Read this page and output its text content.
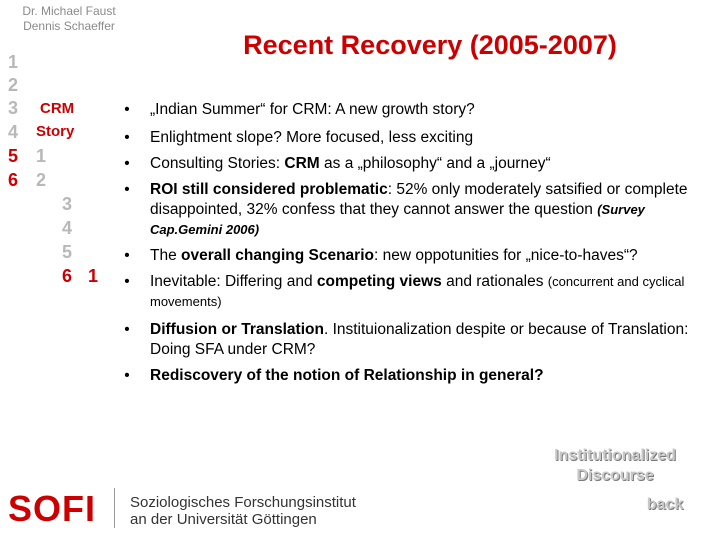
Dr. Michael Faust
Dennis Schaeffer
Recent Recovery (2005-2007)
1
2
3
4
5
6
CRM
Story
1
2
3
4
5
6 1
• „Indian Summer“ for CRM: A new growth story?
• Enlightment slope? More focused, less exciting
• Consulting Stories: CRM as a „philosophy“ and a „journey“
• ROI still considered problematic: 52% only moderately satsified or complete disappointed, 32% confess that they cannot answer the question (Survey Cap.Gemini 2006)
• The overall changing Scenario: new oppotunities for „nice-to-haves“?
• Inevitable: Differing and competing views and rationales (concurrent and cyclical movements)
• Diffusion or Translation. Instituionalization despite or because of Translation: Doing SFA under CRM?
• Rediscovery of the notion of Relationship in general?
Institutionalized
Discourse
back
SOFI Soziologisches Forschungsinstitut
an der Universität Göttingen
